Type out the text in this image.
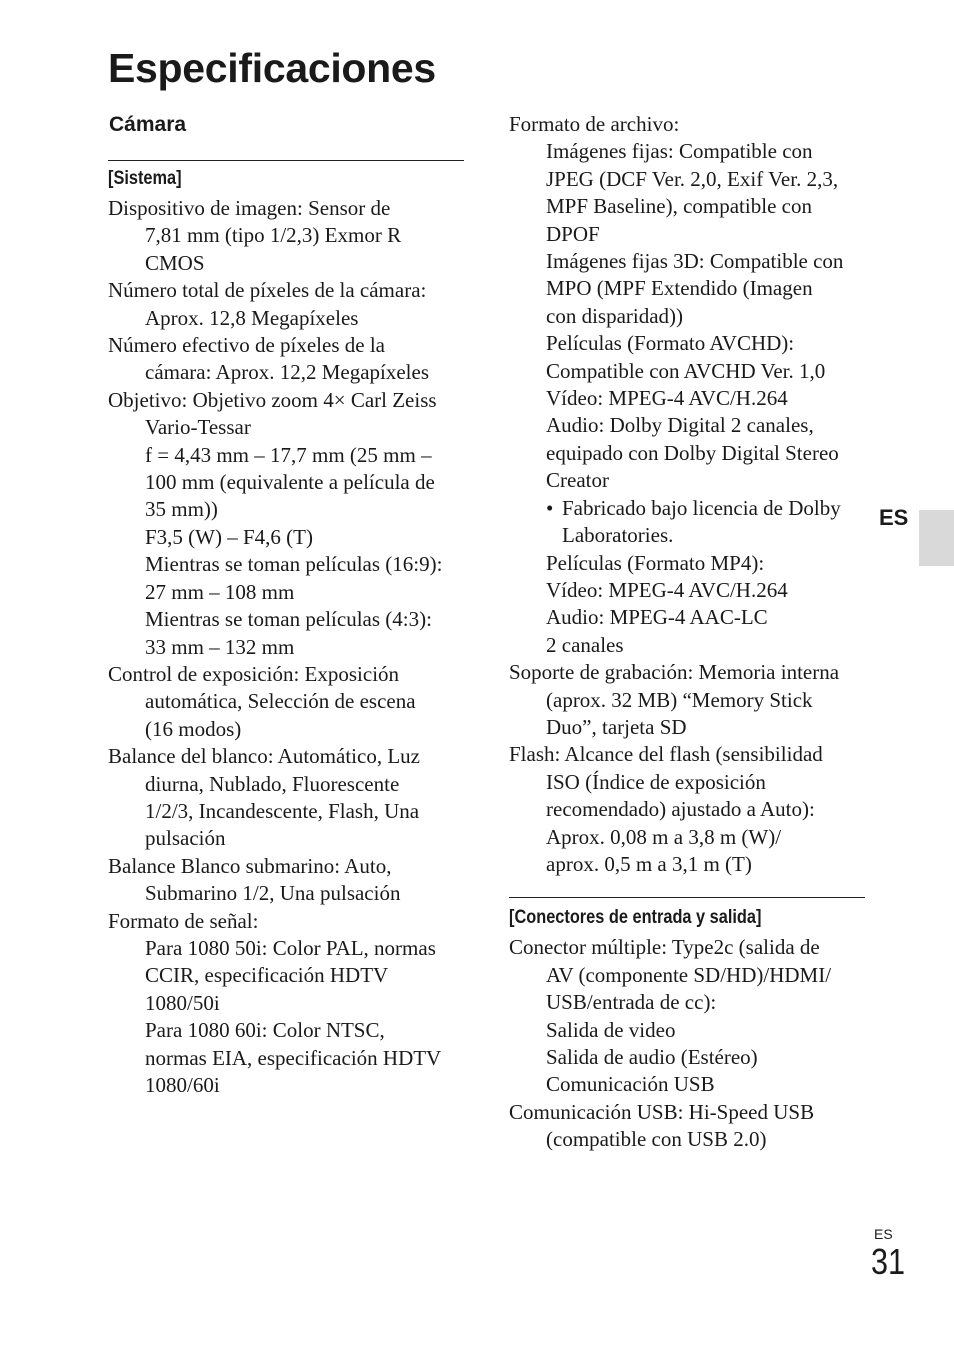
Especificaciones
Cámara
[Sistema]
Dispositivo de imagen: Sensor de
7,81 mm (tipo 1/2,3) Exmor R
CMOS
Número total de píxeles de la cámara:
Aprox. 12,8 Megapíxeles
Número efectivo de píxeles de la
cámara: Aprox. 12,2 Megapíxeles
Objetivo: Objetivo zoom 4× Carl Zeiss
Vario-Tessar
f = 4,43 mm – 17,7 mm (25 mm –
100 mm (equivalente a película de
35 mm))
F3,5 (W) – F4,6 (T)
Mientras se toman películas (16:9):
27 mm – 108 mm
Mientras se toman películas (4:3):
33 mm – 132 mm
Control de exposición: Exposición
automática, Selección de escena
(16 modos)
Balance del blanco: Automático, Luz
diurna, Nublado, Fluorescente
1/2/3, Incandescente, Flash, Una
pulsación
Balance Blanco submarino: Auto,
Submarino 1/2, Una pulsación
Formato de señal:
Para 1080 50i: Color PAL, normas
CCIR, especificación HDTV
1080/50i
Para 1080 60i: Color NTSC,
normas EIA, especificación HDTV
1080/60i
Formato de archivo:
Imágenes fijas: Compatible con
JPEG (DCF Ver. 2,0, Exif Ver. 2,3,
MPF Baseline), compatible con
DPOF
Imágenes fijas 3D: Compatible con
MPO (MPF Extendido (Imagen
con disparidad))
Películas (Formato AVCHD):
Compatible con AVCHD Ver. 1,0
Vídeo: MPEG-4 AVC/H.264
Audio: Dolby Digital 2 canales,
equipado con Dolby Digital Stereo
Creator
• Fabricado bajo licencia de Dolby
Laboratories.
Películas (Formato MP4):
Vídeo: MPEG-4 AVC/H.264
Audio: MPEG-4 AAC-LC
2 canales
Soporte de grabación: Memoria interna
(aprox. 32 MB) “Memory Stick
Duo”, tarjeta SD
Flash: Alcance del flash (sensibilidad
ISO (Índice de exposición
recomendado) ajustado a Auto):
Aprox. 0,08 m a 3,8 m (W)/
aprox. 0,5 m a 3,1 m (T)
[Conectores de entrada y salida]
Conector múltiple: Type2c (salida de
AV (componente SD/HD)/HDMI/
USB/entrada de cc):
Salida de video
Salida de audio (Estéreo)
Comunicación USB
Comunicación USB: Hi-Speed USB
(compatible con USB 2.0)
ES
ES
31
